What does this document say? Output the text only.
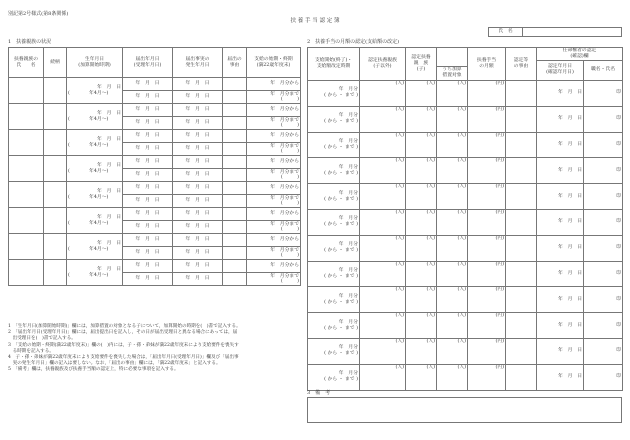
別記第2号様式(第8条関係)
扶 養 手 当 認 定 簿
氏　名	
1　扶養親族の状況	2　扶養手当の月額の認定(支給額の改定)
扶養親族の
氏　　名	続柄	生年月日
(加算開始時期)	届出年月日
(受理年月日)	届出事実の
発生年月日	届出の
事由	支給の始期・終期
(満22歳年度末)

		年　月　日
(　　　　年4月～)	年　月　日	年　月　日		年　月分から
			年　月　日	年　月　日		年　月分まで
(　　　)

		年　月　日
(　　　　年4月～)	年　月　日	年　月　日		年　月分から
			年　月　日	年　月　日		年　月分まで
(　　　)

		年　月　日
(　　　　年4月～)	年　月　日	年　月　日		年　月分から
			年　月　日	年　月　日		年　月分まで
(　　　)

		年　月　日
(　　　　年4月～)	年　月　日	年　月　日		年　月分から
			年　月　日	年　月　日		年　月分まで
(　　　)

		年　月　日
(　　　　年4月～)	年　月　日	年　月　日		年　月分から
			年　月　日	年　月　日		年　月分まで
(　　　)

		年　月　日
(　　　　年4月～)	年　月　日	年　月　日		年　月分から
			年　月　日	年　月　日		年　月分まで
(　　　)

		年　月　日
(　　　　年4月～)	年　月　日	年　月　日		年　月分から
			年　月　日	年　月　日		年　月分まで
(　　　)

		年　月　日
(　　　　年4月～)	年　月　日	年　月　日		年　月分から
			年　月　日	年　月　日		年　月分まで
(　　　)
支給開始(終了)・
支給額改定時期	認定扶養親族
(子以外)	認定扶養
親　族
(子)		扶養手当
の月額	認定等
の事由	任命権者の認定
(確認)欄	
						認定年月日
(確認年月日)	職名・氏名
			うち加算
措置対象				
年　月分
( から ・ まで )	(人)	(人)	(人)	(円)		年　月　日	印
年　月分
( から ・ まで )	(人)	(人)	(人)	(円)		年　月　日	印
年　月分
( から ・ まで )	(人)	(人)	(人)	(円)		年　月　日	印
年　月分
( から ・ まで )	(人)	(人)	(人)	(円)		年　月　日	印
年　月分
( から ・ まで )	(人)	(人)	(人)	(円)		年　月　日	印
年　月分
( から ・ まで )	(人)	(人)	(人)	(円)		年　月　日	印
年　月分
( から ・ まで )	(人)	(人)	(人)	(円)		年　月　日	印
年　月分
( から ・ まで )	(人)	(人)	(人)	(円)		年　月　日	印
年　月分
( から ・ まで )	(人)	(人)	(人)	(円)		年　月　日	印
年　月分
( から ・ まで )	(人)	(人)	(人)	(円)		年　月　日	印
年　月分
( から ・ まで )	(人)	(人)	(人)	(円)		年　月　日	印
年　月分
( から ・ まで )	(人)	(人)	(人)	(円)		年　月　日	印
1　「生年月日(加算開始時期)」欄には，加算措置の対象となる子について，加算開始の時期を(　)書で記入する。
2　「届出年月日(受理年月日)」欄には，届出提出日を記入し，その日が届出受理日と異なる場合にあっては，届
　出受理日を(　)書で記入する。
3　「支給の始期・終期(満22歳年度末)」欄の(　)内には，子・孫・弟妹が満22歳年度末により支給要件を喪失す
　る時期を記入する。
4　子・孫・弟妹が満22歳年度末により支給要件を喪失した場合は，「届出年月日(受理年月日)」欄及び「届出事
　実の発生年月日」欄の記入は要しない。なお，「届出の事由」欄には，「満22歳年度末」と記入する。
5　「備考」欄は，扶養親族及び扶養手当額の認定上，特に必要な事項を記入する。
3　備　考
